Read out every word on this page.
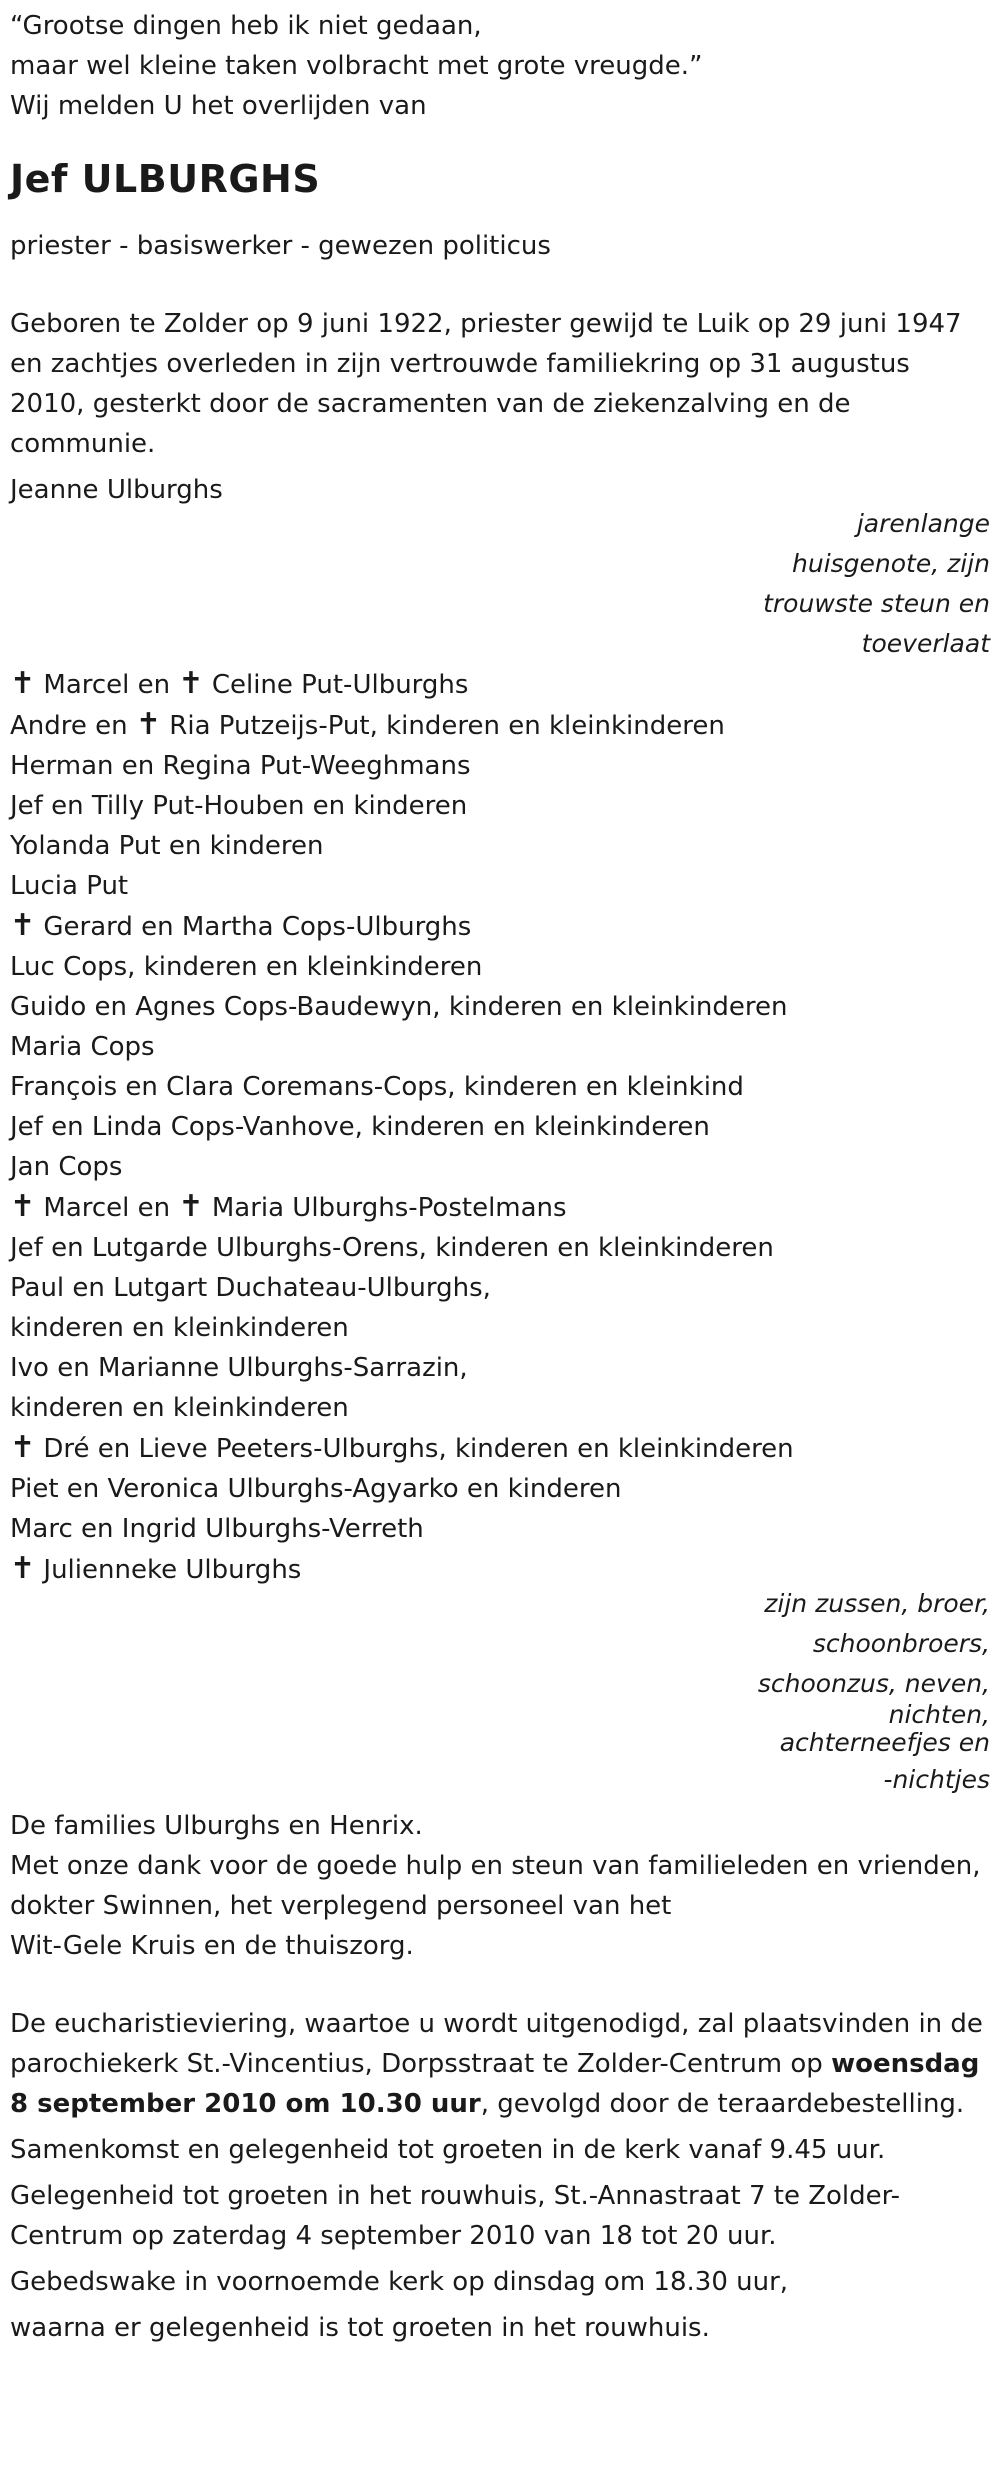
“Grootse dingen heb ik niet gedaan,
maar wel kleine taken volbracht met grote vreugde.”
Wij melden U het overlijden van
Jef ULBURGHS
priester - basiswerker - gewezen politicus
Geboren te Zolder op 9 juni 1922, priester gewijd te Luik op 29 juni 1947 en zachtjes overleden in zijn vertrouwde familiekring op 31 augustus 2010, gesterkt door de sacramenten van de ziekenzalving en de communie.
Jeanne Ulburghs
jarenlange
huisgenote, zijn
trouwste steun en
toeverlaat
✝ Marcel en ✝ Celine Put-Ulburghs
Andre en ✝ Ria Putzeijs-Put, kinderen en kleinkinderen
Herman en Regina Put-Weeghmans
Jef en Tilly Put-Houben en kinderen
Yolanda Put en kinderen
Lucia Put
✝ Gerard en Martha Cops-Ulburghs
Luc Cops, kinderen en kleinkinderen
Guido en Agnes Cops-Baudewyn, kinderen en kleinkinderen
Maria Cops
François en Clara Coremans-Cops, kinderen en kleinkind
Jef en Linda Cops-Vanhove, kinderen en kleinkinderen
Jan Cops
✝ Marcel en ✝ Maria Ulburghs-Postelmans
Jef en Lutgarde Ulburghs-Orens, kinderen en kleinkinderen
Paul en Lutgart Duchateau-Ulburghs,
kinderen en kleinkinderen
Ivo en Marianne Ulburghs-Sarrazin,
kinderen en kleinkinderen
✝ Dré en Lieve Peeters-Ulburghs, kinderen en kleinkinderen
Piet en Veronica Ulburghs-Agyarko en kinderen
Marc en Ingrid Ulburghs-Verreth
✝ Julienneke Ulburghs
zijn zussen, broer,
schoonbroers,
schoonzus, neven,
nichten,
achterneefjes en
-nichtjes
De families Ulburghs en Henrix.
Met onze dank voor de goede hulp en steun van familieleden en vrienden,
dokter Swinnen, het verplegend personeel van het
Wit-Gele Kruis en de thuiszorg.
De eucharistieviering, waartoe u wordt uitgenodigd, zal plaatsvinden in de parochiekerk St.-Vincentius, Dorpsstraat te Zolder-Centrum op woensdag 8 september 2010 om 10.30 uur, gevolgd door de teraardebestelling.
Samenkomst en gelegenheid tot groeten in de kerk vanaf 9.45 uur.
Gelegenheid tot groeten in het rouwhuis, St.-Annastraat 7 te Zolder-Centrum op zaterdag 4 september 2010 van 18 tot 20 uur.
Gebedswake in voornoemde kerk op dinsdag om 18.30 uur,
waarna er gelegenheid is tot groeten in het rouwhuis.
